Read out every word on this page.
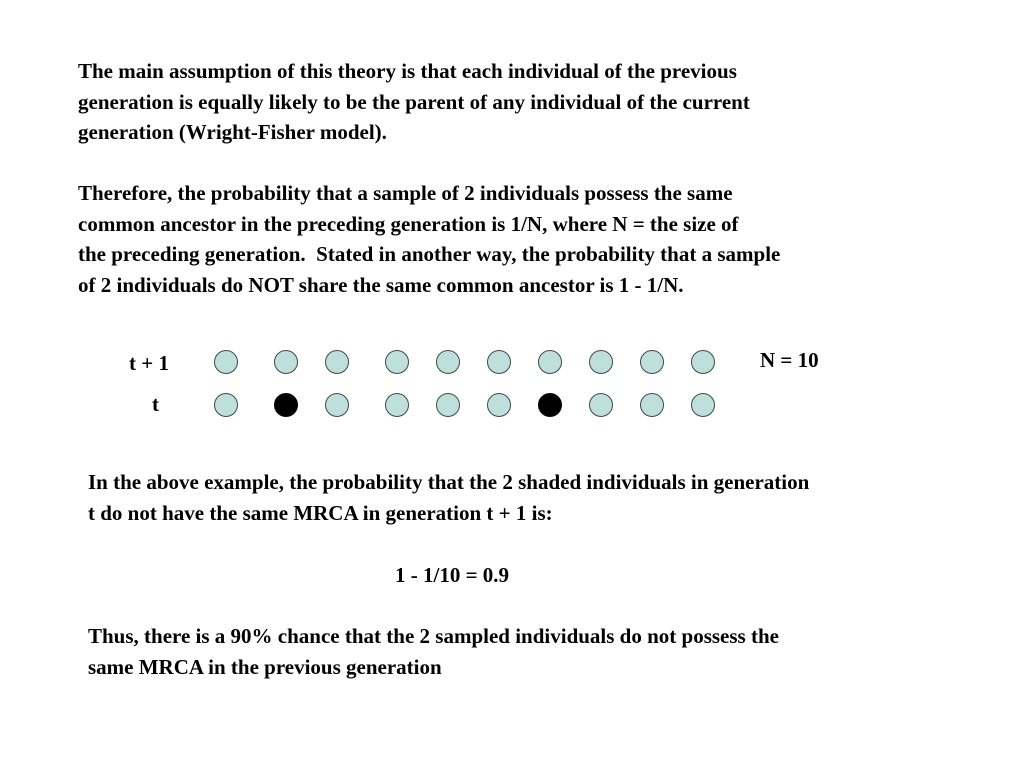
The main assumption of this theory is that each individual of the previous
generation is equally likely to be the parent of any individual of the current
generation (Wright-Fisher model).
Therefore, the probability that a sample of 2 individuals possess the same
common ancestor in the preceding generation is 1/N, where N = the size of
the preceding generation.  Stated in another way, the probability that a sample
of 2 individuals do NOT share the same common ancestor is 1 - 1/N.
t + 1
t
N = 10
In the above example, the probability that the 2 shaded individuals in generation
t do not have the same MRCA in generation t + 1 is:
1 - 1/10 = 0.9
Thus, there is a 90% chance that the 2 sampled individuals do not possess the
same MRCA in the previous generation
